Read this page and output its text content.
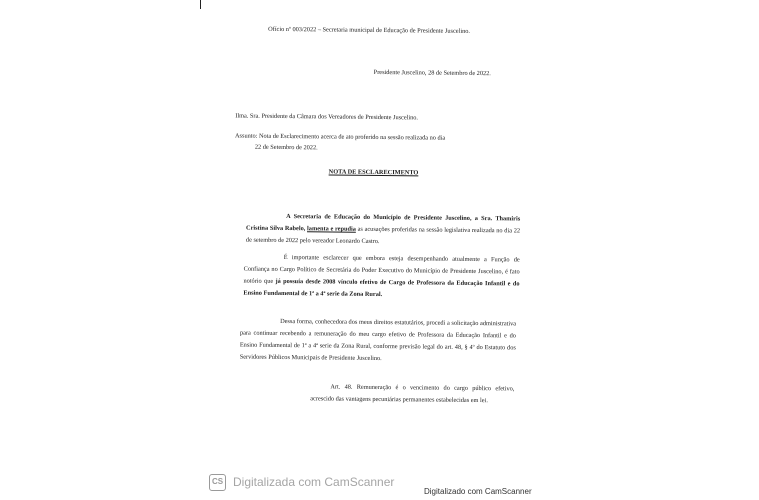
Ofício nº 003/2022 – Secretaria municipal de Educação de Presidente Juscelino.

Presidente Juscelino, 28 de Setembro de 2022.

Ilma. Sra. Presidente da Câmara dos Vereadores de Presidente Juscelino.

Assunto: Nota de Esclarecimento acerca de ato proferido na sessão realizada no dia

22 de Setembro de 2022.

NOTA DE ESCLARECIMENTO

A Secretaria de Educação do Município de Presidente Juscelino, a Sra. Thamiris Cristina Silva Rabelo, lamenta e repudia as acusações proferidas na sessão legislativa realizada no dia 22 de setembro de 2022 pelo vereador Leonardo Castro.

É importante esclarecer que embora esteja desempenhando atualmente a Função de Confiança no Cargo Político de Secretária do Poder Executivo do Município de Presidente Juscelino, é fato notório que já possuía desde 2008 vínculo efetivo de Cargo de Professora da Educação Infantil e do Ensino Fundamental de 1ª a 4ª serie da Zona Rural.

Dessa forma, conhecedora dos meus direitos estatutários, procedi a solicitação administrativa para continuar recebendo a remuneração do meu cargo efetivo de Professora da Educação Infantil e do Ensino Fundamental de 1ª a 4ª serie da Zona Rural, conforme previsão legal do art. 48, § 4º do Estatuto dos Servidores Públicos Municipais de Presidente Juscelino.

Art. 48. Remuneração é o vencimento do cargo público efetivo, acrescido das vantagens pecuniárias permanentes estabelecidas em lei.

CS Digitalizada com CamScanner

Digitalizado com CamScanner
